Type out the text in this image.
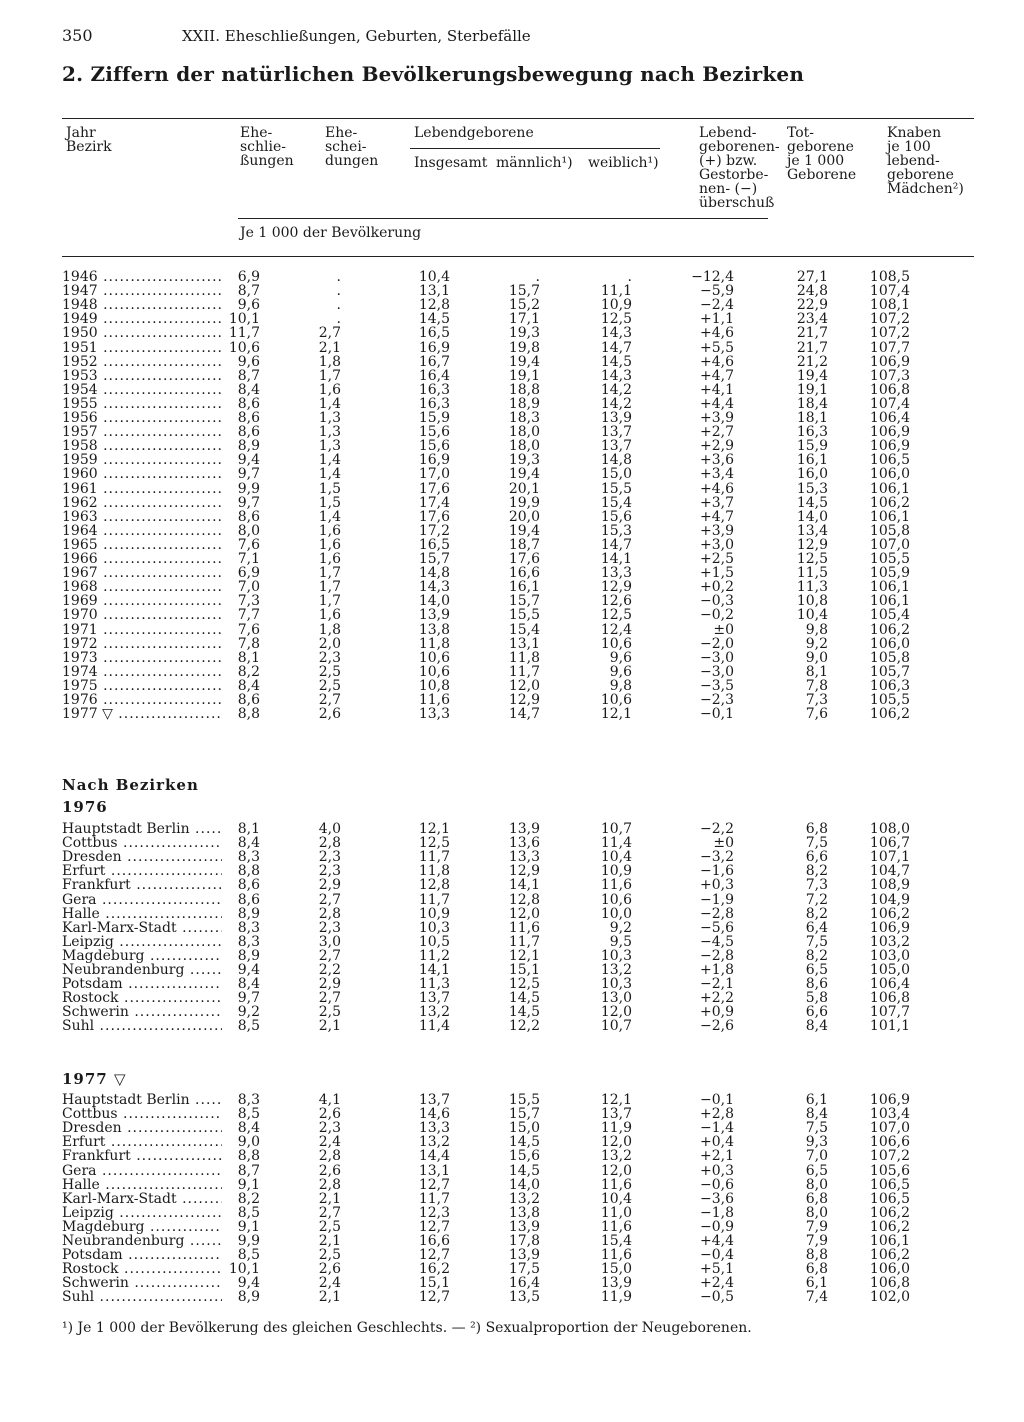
350	XXII. Eheschließungen, Geburten, Sterbefälle
2. Ziffern der natürlichen Bevölkerungsbewegung nach Bezirken
Jahr
Bezirk
Ehe-
schlie-
ßungen
Ehe-
schei-
dungen
Lebendgeborene
Insgesamt männlich¹) weiblich¹)
Lebend-
geborenen-
(+) bzw.
Gestorbe-
nen- (−)
überschuß
Tot-
geborene
je 1 000
Geborene
Knaben
je 100
lebend-
geborene
Mädchen²)
Je 1 000 der Bevölkerung
1946 .....	6,9	.	10,4	.	.	−12,4	27,1	108,5
1947 .....	8,7	.	13,1	15,7	11,1	−5,9	24,8	107,4
1948 .....	9,6	.	12,8	15,2	10,9	−2,4	22,9	108,1
1949 .....	10,1	.	14,5	17,1	12,5	+1,1	23,4	107,2
1950 .....	11,7	2,7	16,5	19,3	14,3	+4,6	21,7	107,2
1951 .....	10,6	2,1	16,9	19,8	14,7	+5,5	21,7	107,7
1952 .....	9,6	1,8	16,7	19,4	14,5	+4,6	21,2	106,9
1953 .....	8,7	1,7	16,4	19,1	14,3	+4,7	19,4	107,3
1954 .....	8,4	1,6	16,3	18,8	14,2	+4,1	19,1	106,8
1955 .....	8,6	1,4	16,3	18,9	14,2	+4,4	18,4	107,4
1956 .....	8,6	1,3	15,9	18,3	13,9	+3,9	18,1	106,4
1957 .....	8,6	1,3	15,6	18,0	13,7	+2,7	16,3	106,9
1958 .....	8,9	1,3	15,6	18,0	13,7	+2,9	15,9	106,9
1959 .....	9,4	1,4	16,9	19,3	14,8	+3,6	16,1	106,5
1960 .....	9,7	1,4	17,0	19,4	15,0	+3,4	16,0	106,0
1961 .....	9,9	1,5	17,6	20,1	15,5	+4,6	15,3	106,1
1962 .....	9,7	1,5	17,4	19,9	15,4	+3,7	14,5	106,2
1963 .....	8,6	1,4	17,6	20,0	15,6	+4,7	14,0	106,1
1964 .....	8,0	1,6	17,2	19,4	15,3	+3,9	13,4	105,8
1965 .....	7,6	1,6	16,5	18,7	14,7	+3,0	12,9	107,0
1966 .....	7,1	1,6	15,7	17,6	14,1	+2,5	12,5	105,5
1967 .....	6,9	1,7	14,8	16,6	13,3	+1,5	11,5	105,9
1968 .....	7,0	1,7	14,3	16,1	12,9	+0,2	11,3	106,1
1969 .....	7,3	1,7	14,0	15,7	12,6	−0,3	10,8	106,1
1970 .....	7,7	1,6	13,9	15,5	12,5	−0,2	10,4	105,4
1971 .....	7,6	1,8	13,8	15,4	12,4	±0	9,8	106,2
1972 .....	7,8	2,0	11,8	13,1	10,6	−2,0	9,2	106,0
1973 .....	8,1	2,3	10,6	11,8	9,6	−3,0	9,0	105,8
1974 .....	8,2	2,5	10,6	11,7	9,6	−3,0	8,1	105,7
1975 .....	8,4	2,5	10,8	12,0	9,8	−3,5	7,8	106,3
1976 .....	8,6	2,7	11,6	12,9	10,6	−2,3	7,3	105,5
1977 ▽ .....	8,8	2,6	13,3	14,7	12,1	−0,1	7,6	106,2
Nach Bezirken
1976
Hauptstadt Berlin .....	8,1	4,0	12,1	13,9	10,7	−2,2	6,8	108,0
Cottbus .....	8,4	2,8	12,5	13,6	11,4	±0	7,5	106,7
Dresden .....	8,3	2,3	11,7	13,3	10,4	−3,2	6,6	107,1
Erfurt .....	8,8	2,3	11,8	12,9	10,9	−1,6	8,2	104,7
Frankfurt .....	8,6	2,9	12,8	14,1	11,6	+0,3	7,3	108,9
Gera .....	8,6	2,7	11,7	12,8	10,6	−1,9	7,2	104,9
Halle .....	8,9	2,8	10,9	12,0	10,0	−2,8	8,2	106,2
Karl-Marx-Stadt .....	8,3	2,3	10,3	11,6	9,2	−5,6	6,4	106,9
Leipzig .....	8,3	3,0	10,5	11,7	9,5	−4,5	7,5	103,2
Magdeburg .....	8,9	2,7	11,2	12,1	10,3	−2,8	8,2	103,0
Neubrandenburg .....	9,4	2,2	14,1	15,1	13,2	+1,8	6,5	105,0
Potsdam .....	8,4	2,9	11,3	12,5	10,3	−2,1	8,6	106,4
Rostock .....	9,7	2,7	13,7	14,5	13,0	+2,2	5,8	106,8
Schwerin .....	9,2	2,5	13,2	14,5	12,0	+0,9	6,6	107,7
Suhl .....	8,5	2,1	11,4	12,2	10,7	−2,6	8,4	101,1
1977 ▽
Hauptstadt Berlin .....	8,3	4,1	13,7	15,5	12,1	−0,1	6,1	106,9
Cottbus .....	8,5	2,6	14,6	15,7	13,7	+2,8	8,4	103,4
Dresden .....	8,4	2,3	13,3	15,0	11,9	−1,4	7,5	107,0
Erfurt .....	9,0	2,4	13,2	14,5	12,0	+0,4	9,3	106,6
Frankfurt .....	8,8	2,8	14,4	15,6	13,2	+2,1	7,0	107,2
Gera .....	8,7	2,6	13,1	14,5	12,0	+0,3	6,5	105,6
Halle .....	9,1	2,8	12,7	14,0	11,6	−0,6	8,0	106,5
Karl-Marx-Stadt .....	8,2	2,1	11,7	13,2	10,4	−3,6	6,8	106,5
Leipzig .....	8,5	2,7	12,3	13,8	11,0	−1,8	8,0	106,2
Magdeburg .....	9,1	2,5	12,7	13,9	11,6	−0,9	7,9	106,2
Neubrandenburg .....	9,9	2,1	16,6	17,8	15,4	+4,4	7,9	106,1
Potsdam .....	8,5	2,5	12,7	13,9	11,6	−0,4	8,8	106,2
Rostock .....	10,1	2,6	16,2	17,5	15,0	+5,1	6,8	106,0
Schwerin .....	9,4	2,4	15,1	16,4	13,9	+2,4	6,1	106,8
Suhl .....	8,9	2,1	12,7	13,5	11,9	−0,5	7,4	102,0
¹) Je 1 000 der Bevölkerung des gleichen Geschlechts. — ²) Sexualproportion der Neugeborenen.
